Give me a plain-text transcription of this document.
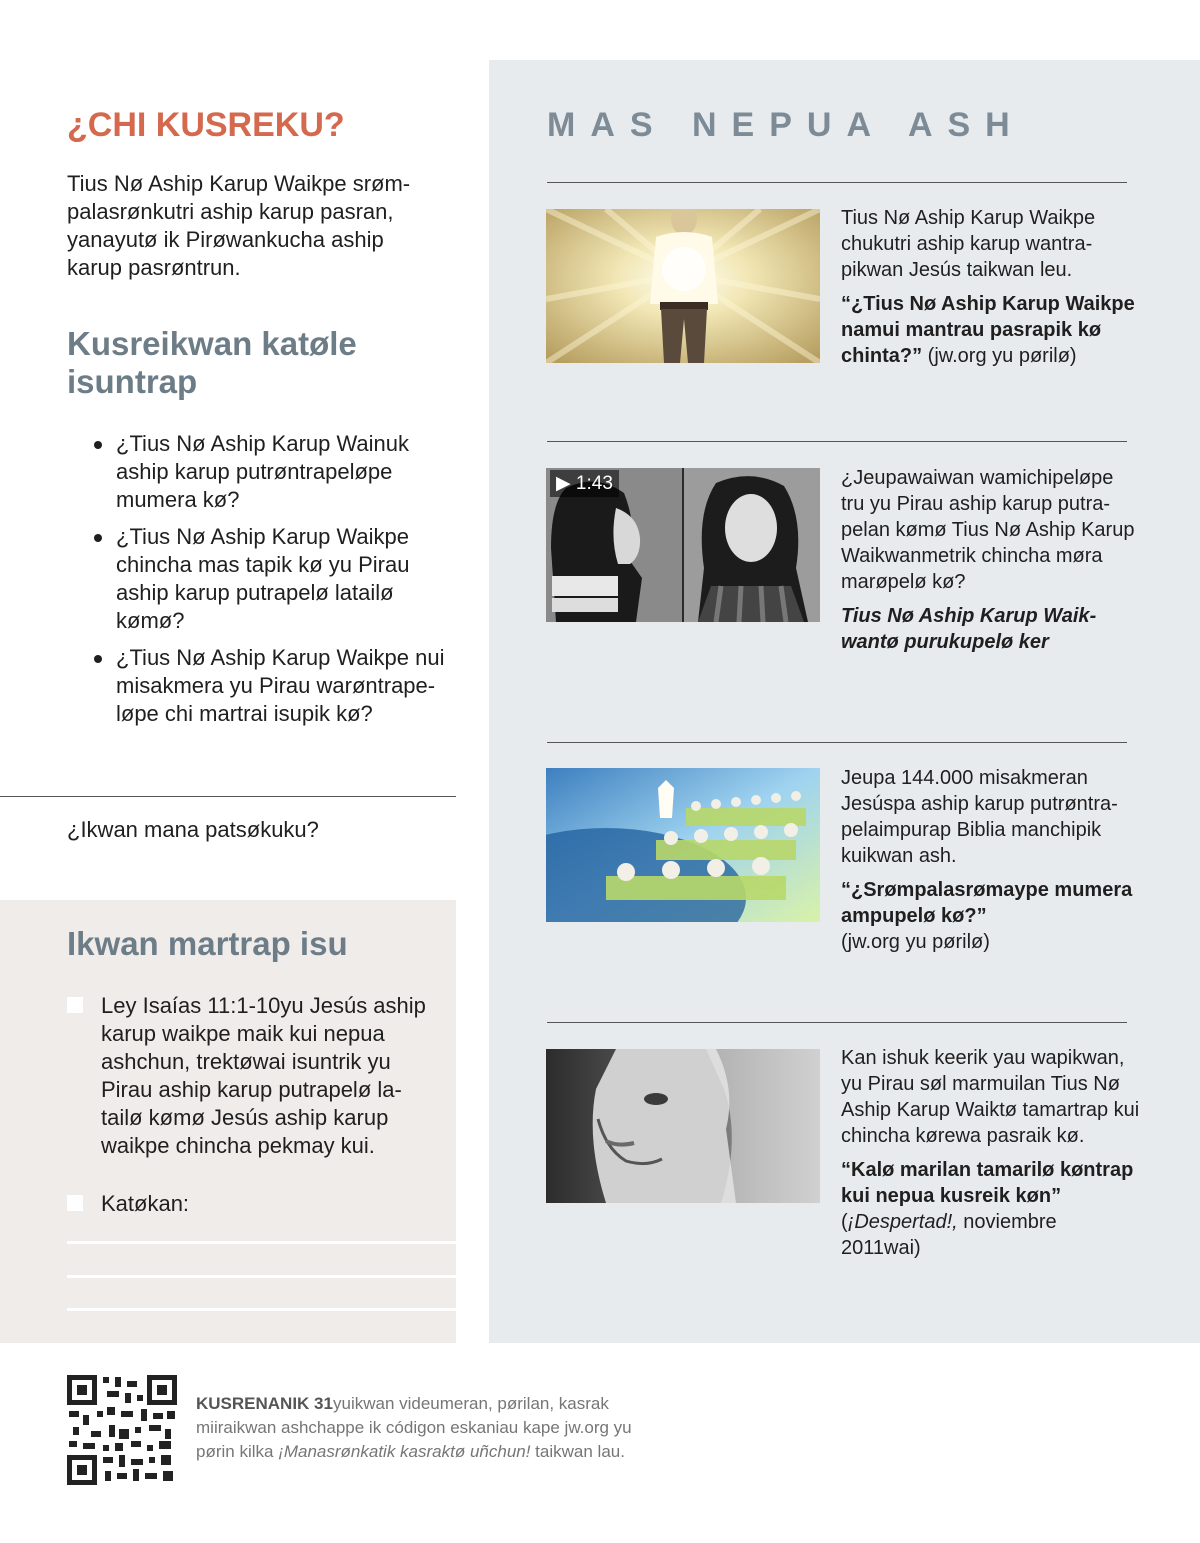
MAS NEPUA ASH
Tius Nø Aship Karup Waikpe chukutri aship karup wantrapikwan Jesús taikwan leu.
“¿Tius Nø Aship Karup Waikpe namui mantrau pasrapik kø chinta?” (jw.org yu pørilø)
▶ 1:43	¿Jeupawaiwan wamichipeløpe tru yu Pirau aship karup putrapelan kømø Tius Nø Aship Karup Waikwanmetrik chincha møra marøpelø kø?
Tius Nø Aship Karup Waikwantø purukupelø ker
Jeupa 144.000 misakmeran Jesúspa aship karup putrøntrapelaimpurap Biblia manchipik kuikwan ash.
“¿Srømpalasrømaype mumera ampupelø kø?”
(jw.org yu pørilø)
Kan ishuk keerik yau wapikwan, yu Pirau søl marmuilan Tius Nø Aship Karup Waiktø tamartrap kui chincha kørewa pasraik kø.
“Kalø marilan tamarilø køntrap kui nepua kusreik køn”
(¡Despertad!, noviembre 2011wai)
¿CHI KUSREKU?
Tius Nø Aship Karup Waikpe srømpalasrønkutri aship karup pasran, yanayutø ik Pirøwankucha aship karup pasrøntrun.
Kusreikwan katøle isuntrap
¿Tius Nø Aship Karup Wainuk aship karup putrøntrapeløpe mumera kø?
¿Tius Nø Aship Karup Waikpe chincha mas tapik kø yu Pirau aship karup putrapelø latailø kømø?
¿Tius Nø Aship Karup Waikpe nui misakmera yu Pirau warøntrapeløpe chi martrai isupik kø?
¿Ikwan mana patsøkuku?
Ikwan martrap isu
Ley Isaías 11:1-10yu Jesús aship karup waikpe maik kui nepua ashchun, trektøwai isuntrik yu Pirau aship karup putrapelø latailø kømø Jesús aship karup waikpe chincha pekmay kui.
Katøkan:
KUSRENANIK 31yuikwan videumeran, pørilan, kasrak miiraikwan ashchappe ik códigon eskaniau kape jw.org yu pørin kilka ¡Manasrønkatik kasraktø uñchun! taikwan lau.
